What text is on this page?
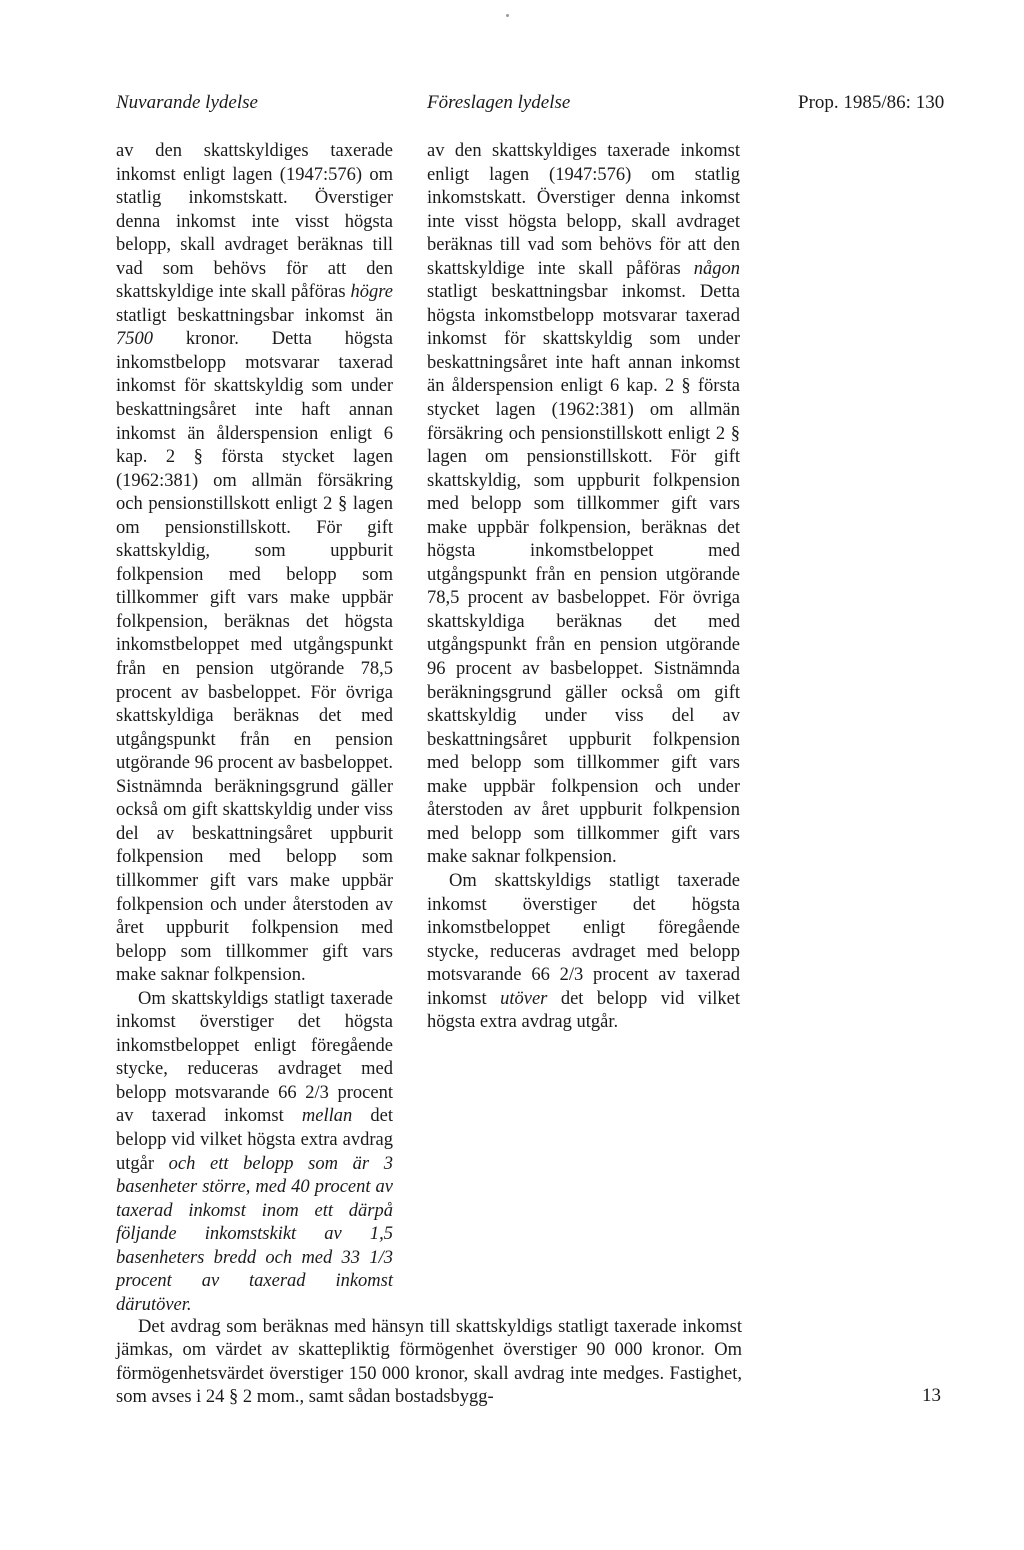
Nuvarande lydelse	Föreslagen lydelse	Prop. 1985/86: 130

av den skattskyldiges taxerade inkomst enligt lagen (1947:576) om statlig inkomstskatt. Överstiger denna inkomst inte visst högsta belopp, skall avdraget beräknas till vad som behövs för att den skattskyldige inte skall påföras högre statligt beskattningsbar inkomst än 7500 kronor. Detta högsta inkomstbelopp motsvarar taxerad inkomst för skattskyldig som under beskattningsåret inte haft annan inkomst än ålderspension enligt 6 kap. 2 § första stycket lagen (1962:381) om allmän försäkring och pensionstillskott enligt 2 § lagen om pensionstillskott. För gift skattskyldig, som uppburit folkpension med belopp som tillkommer gift vars make uppbär folkpension, beräknas det högsta inkomstbeloppet med utgångspunkt från en pension utgörande 78,5 procent av basbeloppet. För övriga skattskyldiga beräknas det med utgångspunkt från en pension utgörande 96 procent av basbeloppet. Sistnämnda beräkningsgrund gäller också om gift skattskyldig under viss del av beskattningsåret uppburit folkpension med belopp som tillkommer gift vars make uppbär folkpension och under återstoden av året uppburit folkpension med belopp som tillkommer gift vars make saknar folkpension.

Om skattskyldigs statligt taxerade inkomst överstiger det högsta inkomstbeloppet enligt föregående stycke, reduceras avdraget med belopp motsvarande 66 2/3 procent av taxerad inkomst mellan det belopp vid vilket högsta extra avdrag utgår och ett belopp som är 3 basenheter större, med 40 procent av taxerad inkomst inom ett därpå följande inkomstskikt av 1,5 basenheters bredd och med 33 1/3 procent av taxerad inkomst därutöver.

av den skattskyldiges taxerade inkomst enligt lagen (1947:576) om statlig inkomstskatt. Överstiger denna inkomst inte visst högsta belopp, skall avdraget beräknas till vad som behövs för att den skattskyldige inte skall påföras någon statligt beskattningsbar inkomst. Detta högsta inkomstbelopp motsvarar taxerad inkomst för skattskyldig som under beskattningsåret inte haft annan inkomst än ålderspension enligt 6 kap. 2 § första stycket lagen (1962:381) om allmän försäkring och pensionstillskott enligt 2 § lagen om pensionstillskott. För gift skattskyldig, som uppburit folkpension med belopp som tillkommer gift vars make uppbär folkpension, beräknas det högsta inkomstbeloppet med utgångspunkt från en pension utgörande 78,5 procent av basbeloppet. För övriga skattskyldiga beräknas det med utgångspunkt från en pension utgörande 96 procent av basbeloppet. Sistnämnda beräkningsgrund gäller också om gift skattskyldig under viss del av beskattningsåret uppburit folkpension med belopp som tillkommer gift vars make uppbär folkpension och under återstoden av året uppburit folkpension med belopp som tillkommer gift vars make saknar folkpension.

Om skattskyldigs statligt taxerade inkomst överstiger det högsta inkomstbeloppet enligt föregående stycke, reduceras avdraget med belopp motsvarande 66 2/3 procent av taxerad inkomst utöver det belopp vid vilket högsta extra avdrag utgår.

Det avdrag som beräknas med hänsyn till skattskyldigs statligt taxerade inkomst jämkas, om värdet av skattepliktig förmögenhet överstiger 90 000 kronor. Om förmögenhetsvärdet överstiger 150 000 kronor, skall avdrag inte medges. Fastighet, som avses i 24 § 2 mom., samt sådan bostadsbygg-	13
